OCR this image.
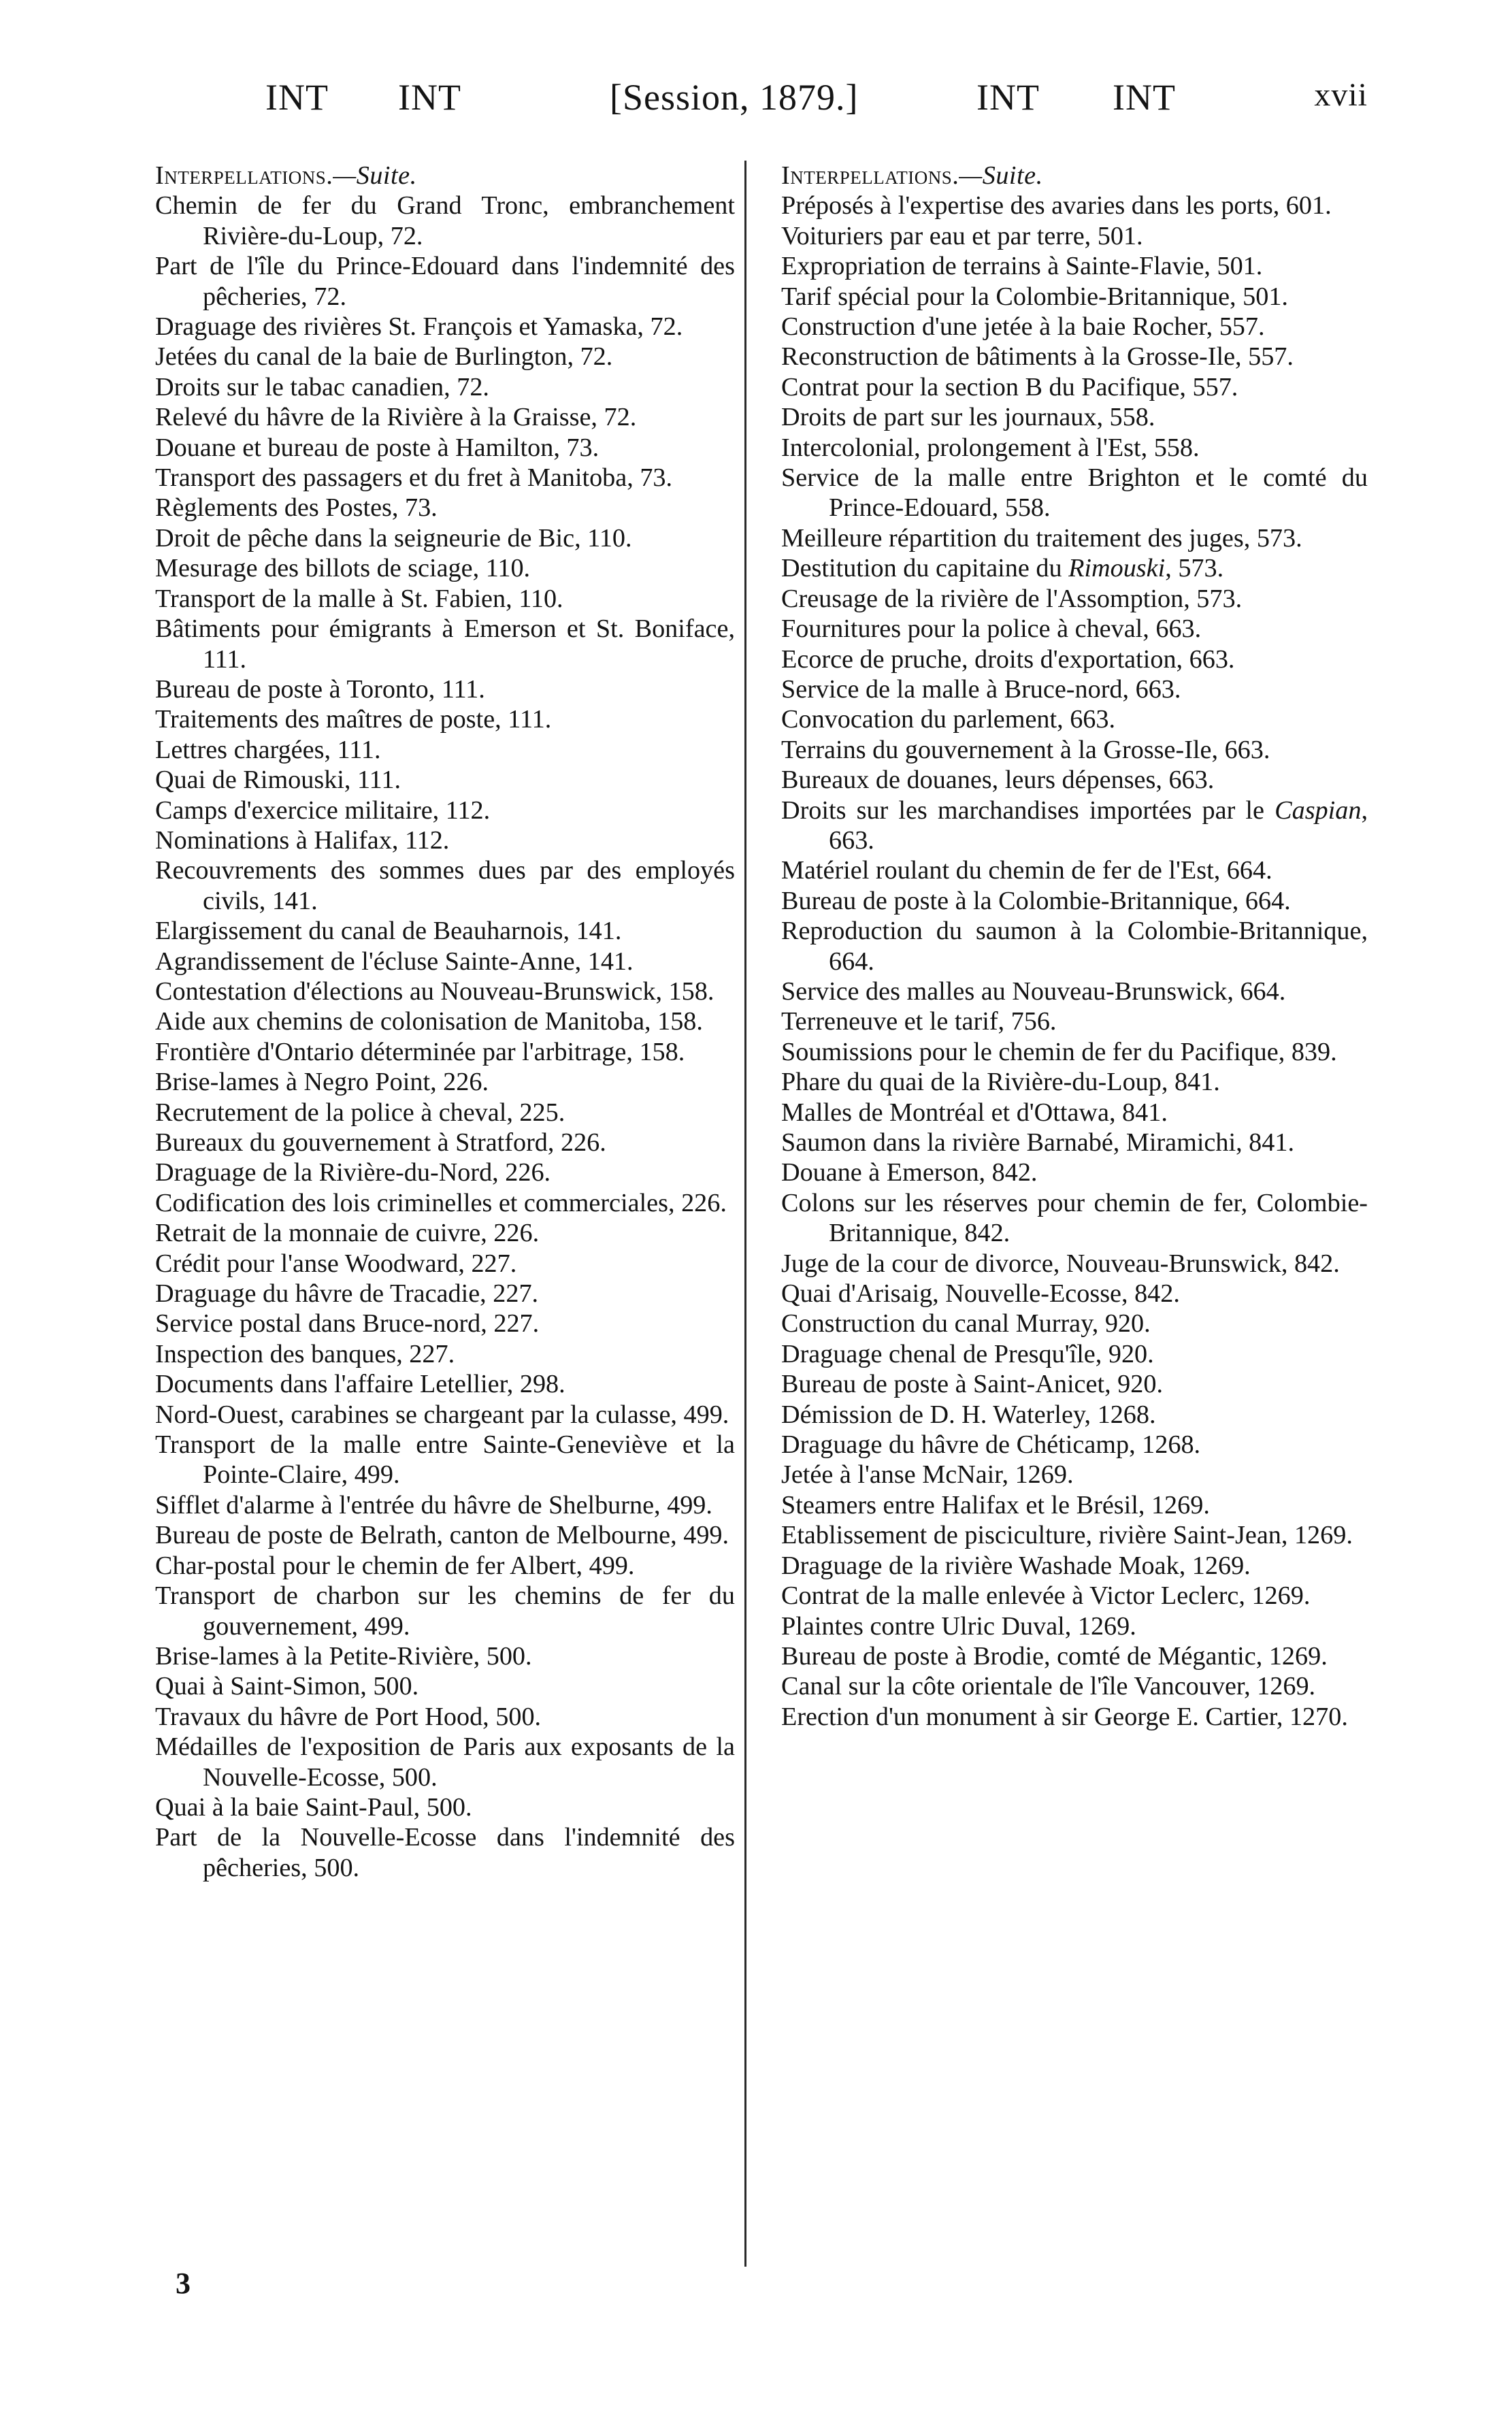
INT INT	[Session, 1879.]	INT INT	xvii
Interpellations.—Suite.
Chemin de fer du Grand Tronc, embranchement Rivière-du-Loup, 72.
Part de l'île du Prince-Edouard dans l'indemnité des pêcheries, 72.
Draguage des rivières St. François et Yamaska, 72.
Jetées du canal de la baie de Burlington, 72.
Droits sur le tabac canadien, 72.
Relevé du hâvre de la Rivière à la Graisse, 72.
Douane et bureau de poste à Hamilton, 73.
Transport des passagers et du fret à Manitoba, 73.
Règlements des Postes, 73.
Droit de pêche dans la seigneurie de Bic, 110.
Mesurage des billots de sciage, 110.
Transport de la malle à St. Fabien, 110.
Bâtiments pour émigrants à Emerson et St. Boniface, 111.
Bureau de poste à Toronto, 111.
Traitements des maîtres de poste, 111.
Lettres chargées, 111.
Quai de Rimouski, 111.
Camps d'exercice militaire, 112.
Nominations à Halifax, 112.
Recouvrements des sommes dues par des employés civils, 141.
Elargissement du canal de Beauharnois, 141.
Agrandissement de l'écluse Sainte-Anne, 141.
Contestation d'élections au Nouveau-Brunswick, 158.
Aide aux chemins de colonisation de Manitoba, 158.
Frontière d'Ontario déterminée par l'arbitrage, 158.
Brise-lames à Negro Point, 226.
Recrutement de la police à cheval, 225.
Bureaux du gouvernement à Stratford, 226.
Draguage de la Rivière-du-Nord, 226.
Codification des lois criminelles et commerciales, 226.
Retrait de la monnaie de cuivre, 226.
Crédit pour l'anse Woodward, 227.
Draguage du hâvre de Tracadie, 227.
Service postal dans Bruce-nord, 227.
Inspection des banques, 227.
Documents dans l'affaire Letellier, 298.
Nord-Ouest, carabines se chargeant par la culasse, 499.
Transport de la malle entre Sainte-Geneviève et la Pointe-Claire, 499.
Sifflet d'alarme à l'entrée du hâvre de Shelburne, 499.
Bureau de poste de Belrath, canton de Melbourne, 499.
Char-postal pour le chemin de fer Albert, 499.
Transport de charbon sur les chemins de fer du gouvernement, 499.
Brise-lames à la Petite-Rivière, 500.
Quai à Saint-Simon, 500.
Travaux du hâvre de Port Hood, 500.
Médailles de l'exposition de Paris aux exposants de la Nouvelle-Ecosse, 500.
Quai à la baie Saint-Paul, 500.
Part de la Nouvelle-Ecosse dans l'indemnité des pêcheries, 500.
Interpellations.—Suite.
Préposés à l'expertise des avaries dans les ports, 601.
Voituriers par eau et par terre, 501.
Expropriation de terrains à Sainte-Flavie, 501.
Tarif spécial pour la Colombie-Britannique, 501.
Construction d'une jetée à la baie Rocher, 557.
Reconstruction de bâtiments à la Grosse-Ile, 557.
Contrat pour la section B du Pacifique, 557.
Droits de part sur les journaux, 558.
Intercolonial, prolongement à l'Est, 558.
Service de la malle entre Brighton et le comté du Prince-Edouard, 558.
Meilleure répartition du traitement des juges, 573.
Destitution du capitaine du Rimouski, 573.
Creusage de la rivière de l'Assomption, 573.
Fournitures pour la police à cheval, 663.
Ecorce de pruche, droits d'exportation, 663.
Service de la malle à Bruce-nord, 663.
Convocation du parlement, 663.
Terrains du gouvernement à la Grosse-Ile, 663.
Bureaux de douanes, leurs dépenses, 663.
Droits sur les marchandises importées par le Caspian, 663.
Matériel roulant du chemin de fer de l'Est, 664.
Bureau de poste à la Colombie-Britannique, 664.
Reproduction du saumon à la Colombie-Britannique, 664.
Service des malles au Nouveau-Brunswick, 664.
Terreneuve et le tarif, 756.
Soumissions pour le chemin de fer du Pacifique, 839.
Phare du quai de la Rivière-du-Loup, 841.
Malles de Montréal et d'Ottawa, 841.
Saumon dans la rivière Barnabé, Miramichi, 841.
Douane à Emerson, 842.
Colons sur les réserves pour chemin de fer, Colombie-Britannique, 842.
Juge de la cour de divorce, Nouveau-Brunswick, 842.
Quai d'Arisaig, Nouvelle-Ecosse, 842.
Construction du canal Murray, 920.
Draguage chenal de Presqu'île, 920.
Bureau de poste à Saint-Anicet, 920.
Démission de D. H. Waterley, 1268.
Draguage du hâvre de Chéticamp, 1268.
Jetée à l'anse McNair, 1269.
Steamers entre Halifax et le Brésil, 1269.
Etablissement de pisciculture, rivière Saint-Jean, 1269.
Draguage de la rivière Washade Moak, 1269.
Contrat de la malle enlevée à Victor Leclerc, 1269.
Plaintes contre Ulric Duval, 1269.
Bureau de poste à Brodie, comté de Mégantic, 1269.
Canal sur la côte orientale de l'île Vancouver, 1269.
Erection d'un monument à sir George E. Cartier, 1270.
3
